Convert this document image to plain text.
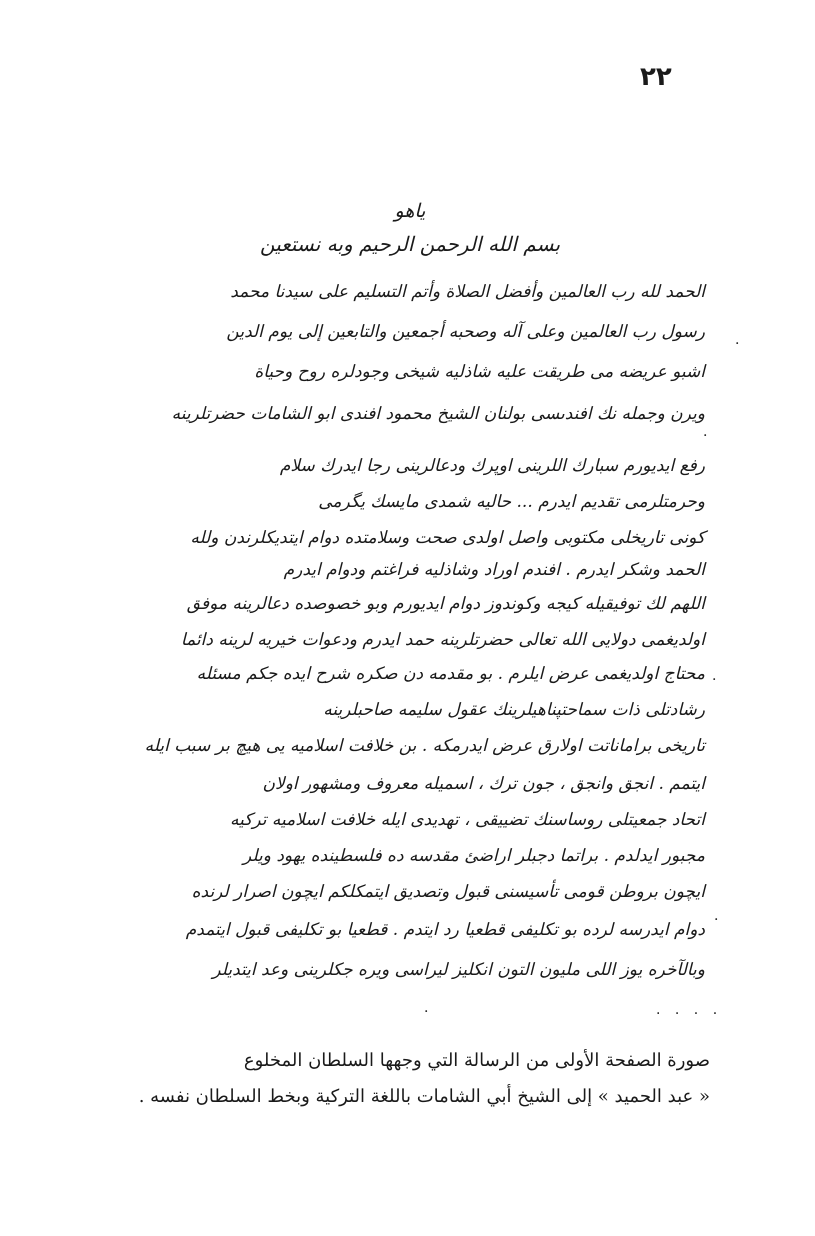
٢٢
ياهو
بسم الله الرحمن الرحيم وبه نستعين
الحمد لله رب العالمين وأفضل الصلاة وأتم التسليم على سيدنا محمد
رسول رب العالمين وعلى آله وصحبه أجمعين والتابعين إلى يوم الدين
اشبو عريضه مى طريقت عليه شاذليه شيخى وجودلره روح وحياة
ويرن وجمله نك افندىسى بولنان الشيخ محمود افندى ابو الشامات حضرتلرينه
رفع ايديورم سبارك اللرينى اوپرك ودعالرينى رجا ايدرك سلام
وحرمتلرمى تقديم ايدرم ... حاليه شمدى مايسك يگرمى
كونى تاريخلى مكتوبى واصل اولدى صحت وسلامتده دوام ايتديكلرندن ولله
الحمد وشكر ايدرم . افندم اوراد وشاذليه فراغتم ودوام ايدرم
اللهم لك توفيقيله كيجه وكوندوز دوام ايديورم وبو خصوصده دعالرينه موفق
اولديغمى دولايى الله تعالى حضرتلرينه حمد ايدرم ودعوات خيريه لرينه دائما
محتاج اولديغمى عرض ايلرم . بو مقدمه دن صكره شرح ايده جكم مسئله
رشادتلى ذات سماحتپناهيلرينك عقول سليمه صاحبلرينه
تاريخى براماناتت اولارق عرض ايدرمكه . بن خلافت اسلاميه يى هيچ بر سبب ايله
ايتمم . انجق وانجق ، جون ترك ، اسميله معروف ومشهور اولان
اتحاد جمعيتلى روساسنك تضييقى ، تهديدى ايله خلافت اسلاميه تركيه
مجبور ايدلدم . براتما دجبلر اراضئ مقدسه ده فلسطينده يهود ويلر
ايچون بروطن قومى تأسيسنى قبول وتصديق ايتمكلكم ايچون اصرار لرنده
دوام ايدرسه لرده بو تكليفى قطعيا رد ايتدم . قطعيا بو تكليفى قبول ايتمدم
وبالآخره يوز اللى مليون التون انكليز ليراسى ويره جكلرينى وعد ايتديلر
·
·
·
·
·	· · · ·
صورة الصفحة الأولى من الرسالة التي وجهها السلطان المخلوع
« عبد الحميد » إلى الشيخ أبي الشامات باللغة التركية وبخط السلطان نفسه .
